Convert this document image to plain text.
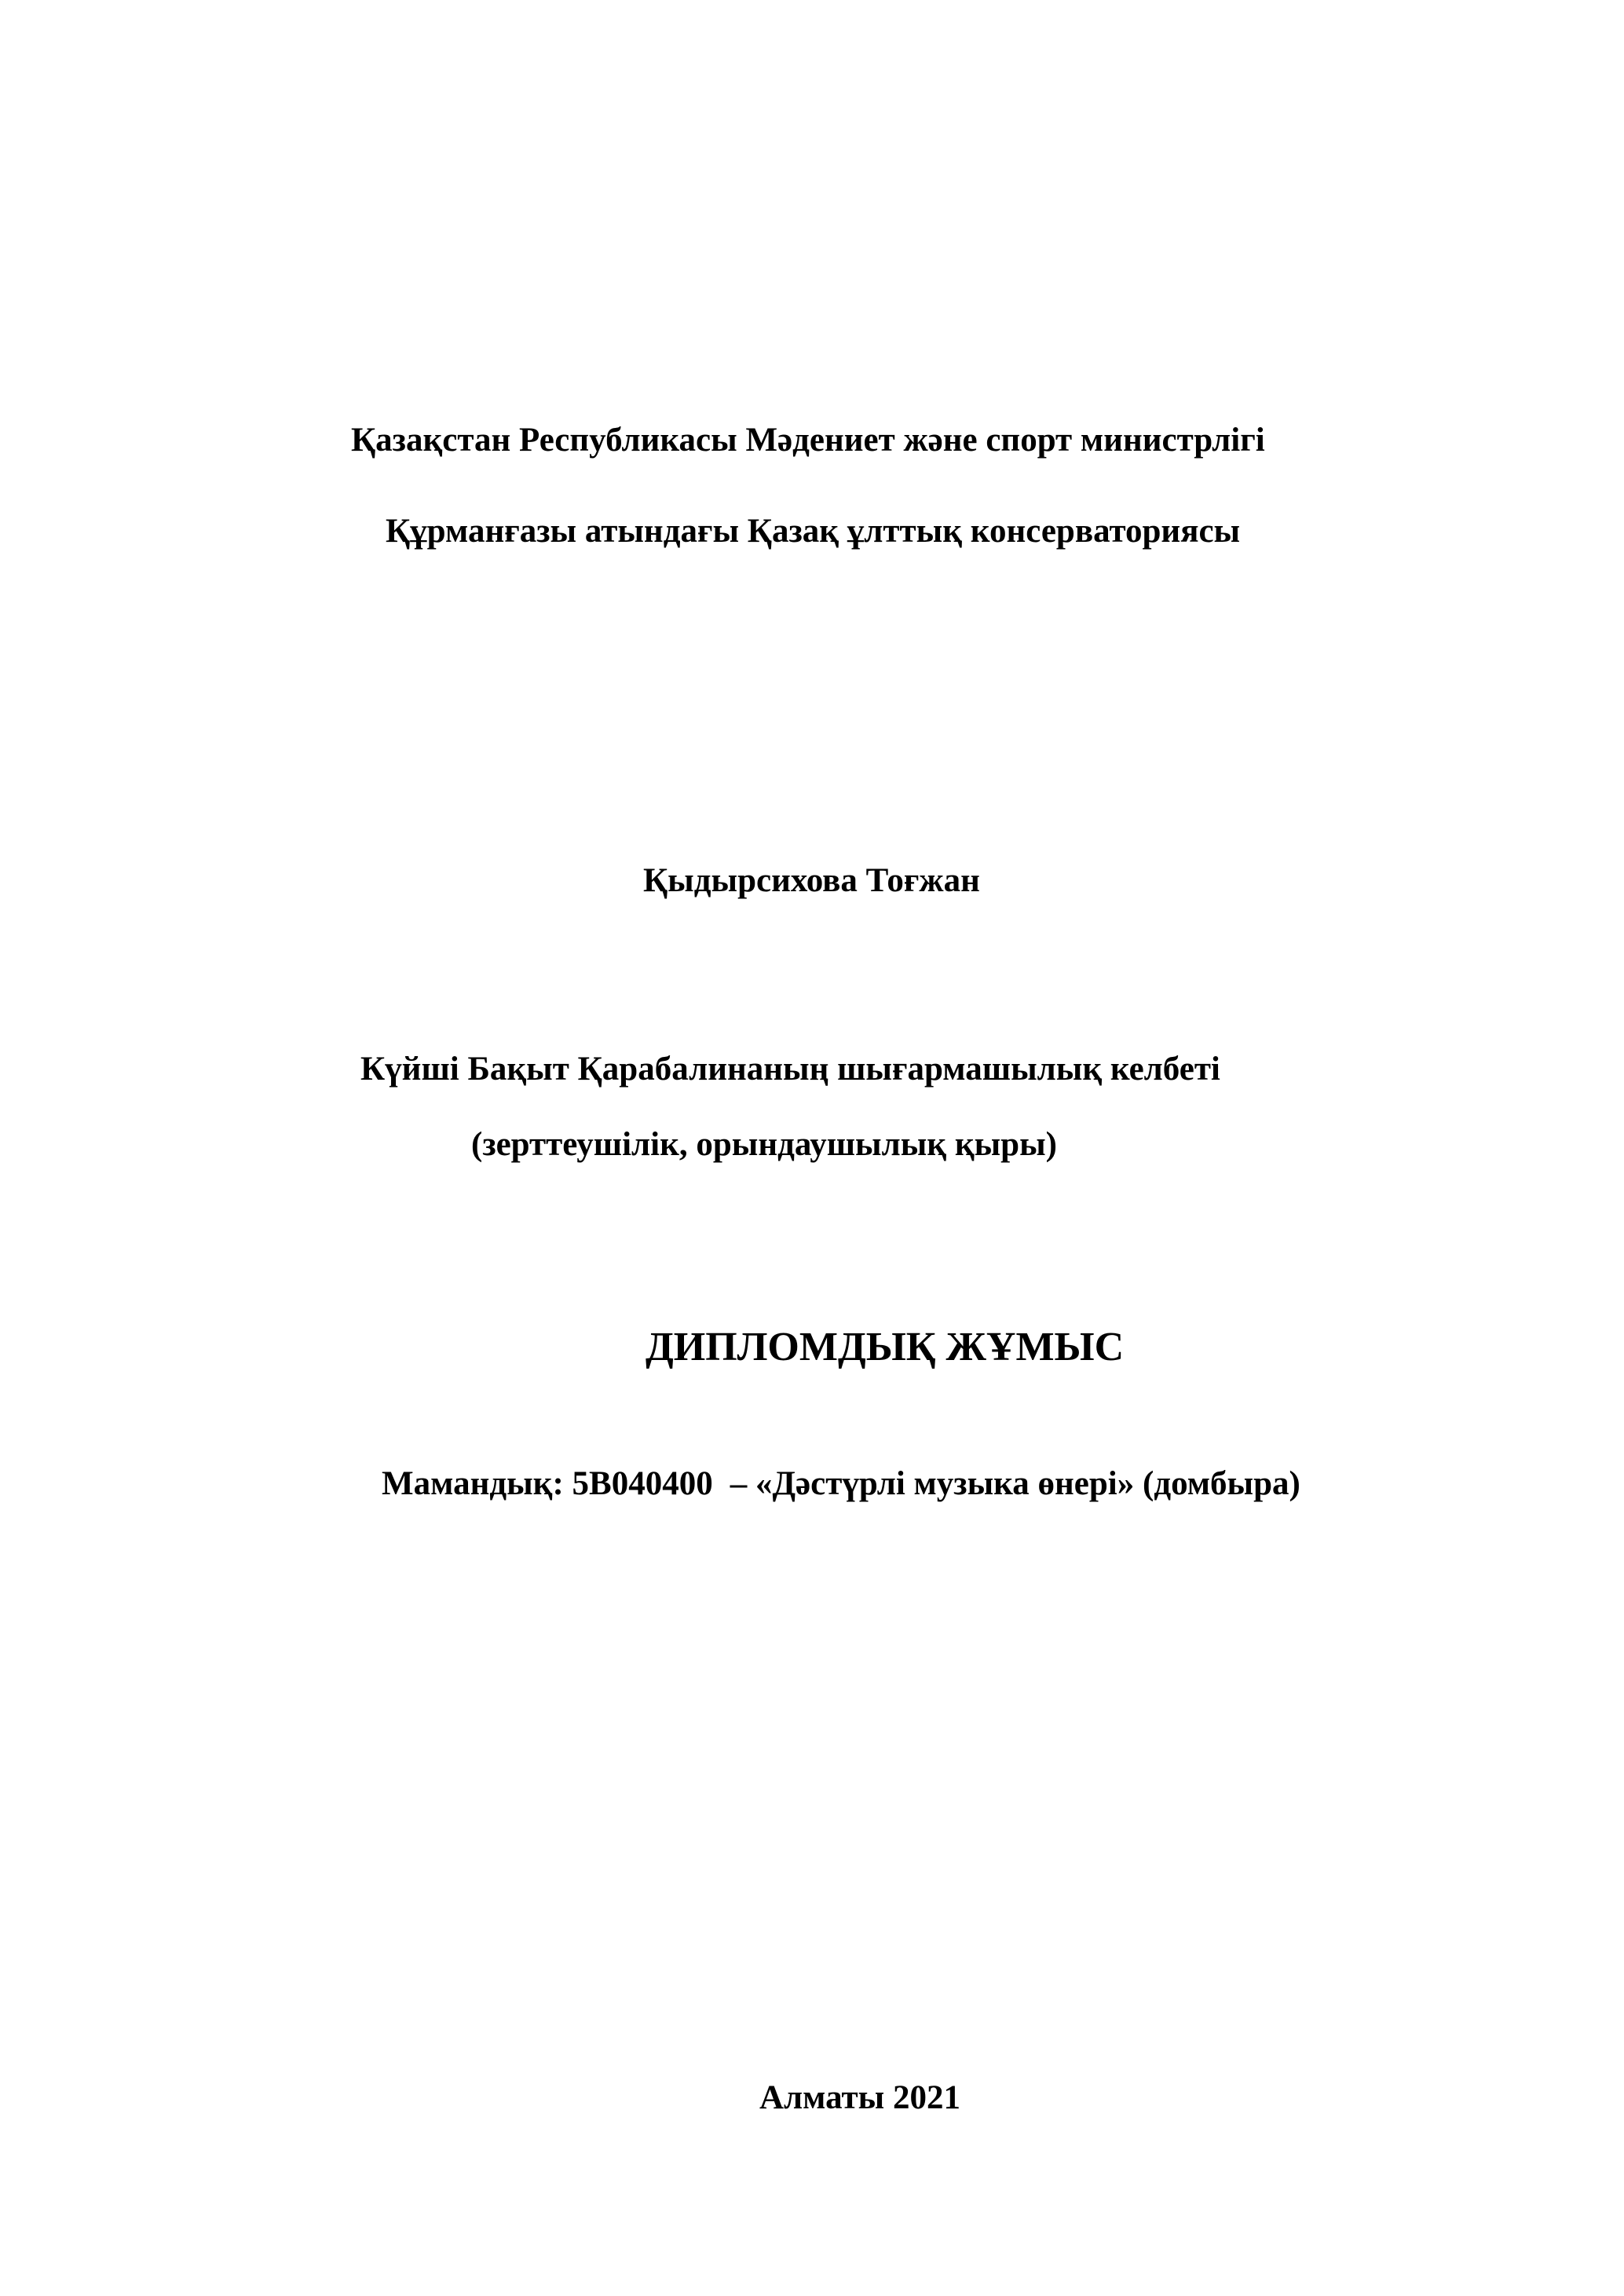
Қазақстан Республикасы Мәдениет және спорт министрлігі
Құрманғазы атындағы Қазақ ұлттық консерваториясы
Қыдырсихова Тоғжан
Күйші Бақыт Қарабалинаның шығармашылық келбеті
(зерттеушілік, орындаушылық қыры)
ДИПЛОМДЫҚ ЖҰМЫС
Мамандық: 5В040400 – «Дәстүрлі музыка өнері» (домбыра)
Алматы 2021
